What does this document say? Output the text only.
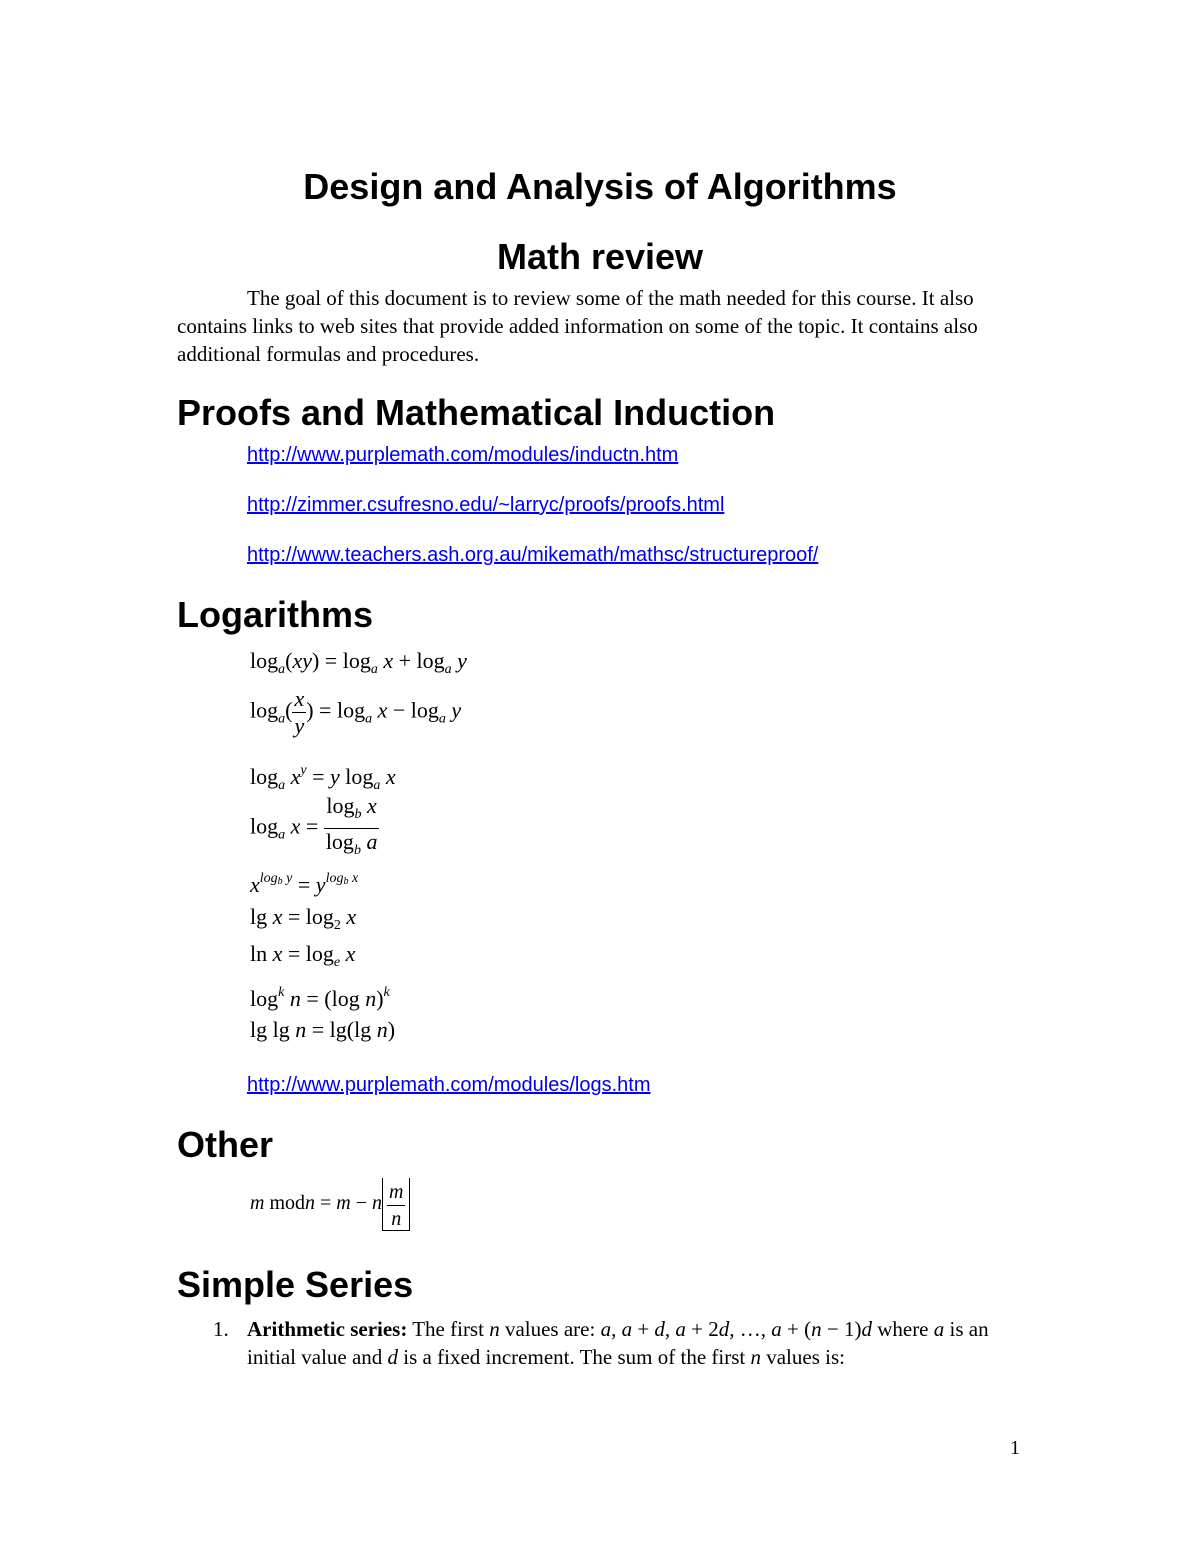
Design and Analysis of Algorithms
Math review

The goal of this document is to review some of the math needed for this course. It also contains links to web sites that provide added information on some of the topic. It contains also additional formulas and procedures.

Proofs and Mathematical Induction
http://www.purplemath.com/modules/inductn.htm
http://zimmer.csufresno.edu/~larryc/proofs/proofs.html
http://www.teachers.ash.org.au/mikemath/mathsc/structureproof/
Logarithms
$\log_a(xy) = \log_a x + \log_a y$
$\log_a( \frac{x}{y}$ ) = $\log_a x - \log_a y$
$\log_a x^y = y$ $\log_a x$
$\log_a x = \frac{\log_b x}{\log_b a}$
$x^{log_b y} = y^{log_b x}$
$\lg x = \log_2 x$
$\ln x = \log_e x$
$\log^k n = (\log$ n)$^k$
lg lg n = lg(lg n)
http://www.purplemath.com/modules/logs.htm
Other
m modn = m − n $\frac{m}{n}$
Simple Series
1. Arithmetic series: The first n values are: a, a + d, a + 2d, …, a + (n − 1)d where a is an initial value and d is a fixed increment. The sum of the first n values is:
1
